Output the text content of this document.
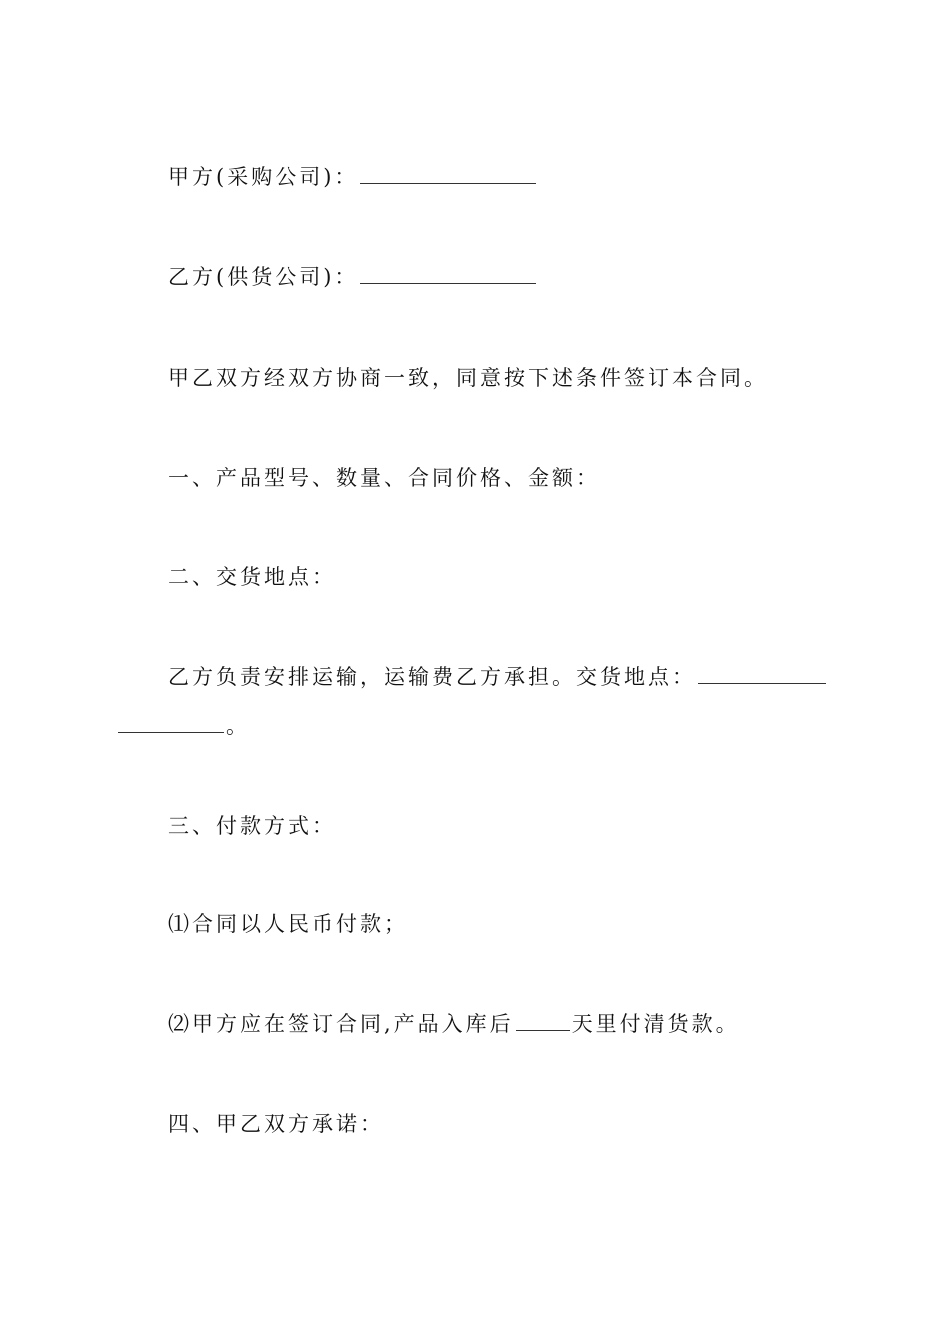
甲方(采购公司)：
乙方(供货公司)：
甲乙双方经双方协商一致，同意按下述条件签订本合同。
一、产品型号、数量、合同价格、金额：
二、交货地点：
乙方负责安排运输，运输费乙方承担。交货地点：
。
三、付款方式：
⑴合同以人民币付款；
⑵甲方应在签订合同,产品入库后	天里付清货款。
四、甲乙双方承诺：
